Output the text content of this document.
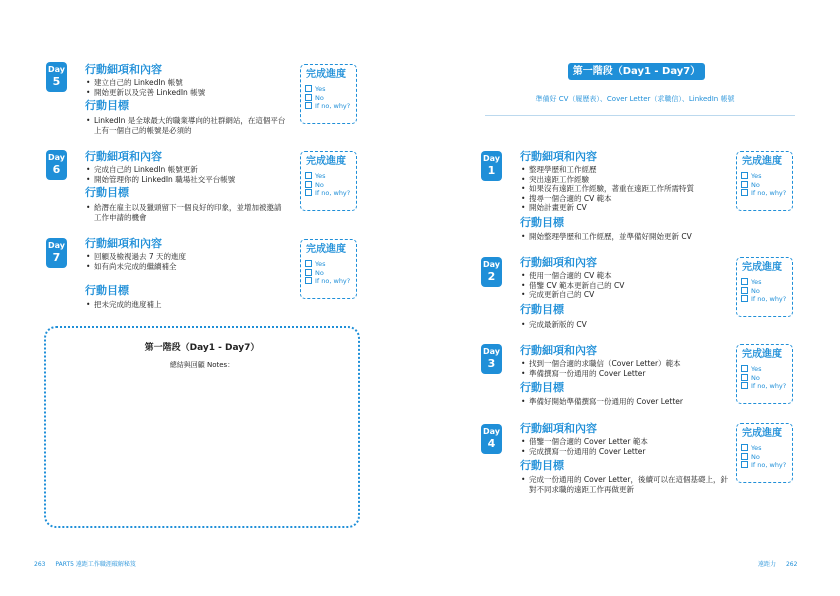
Day
5
行動細項和內容
• 建立自己的 LinkedIn 帳號
• 開始更新以及完善 LinkedIn 帳號
行動目標
• LinkedIn 是全球最大的職業導向的社群網站，在這個平台上有一個自己的帳號是必須的
完成進度
Yes
No
If no, why?
Day
6
行動細項和內容
• 完成自己的 LinkedIn 帳號更新
• 開始管理你的 LinkedIn 職場社交平台帳號
行動目標
• 給潛在雇主以及獵頭留下一個良好的印象，並增加被邀請工作申請的機會
完成進度
Yes
No
If no, why?
Day
7
行動細項和內容
• 回顧及檢視過去 7 天的進度
• 如有尚未完成的繼續補全
行動目標
• 把未完成的進度補上
完成進度
Yes
No
If no, why?
第一階段（Day1 - Day7）
總結與回顧 Notes：
263 PART5 遠距工作職涯破解秘笈
第一階段（Day1 - Day7）
準備好 CV（履歷表）、Cover Letter（求職信）、LinkedIn 帳號
Day
1
行動細項和內容
• 整理學歷和工作經歷
• 突出遠距工作經驗
• 如果沒有遠距工作經驗，著重在遠距工作所需特質
• 搜尋一個合適的 CV 範本
• 開始計畫更新 CV
行動目標
• 開始整理學歷和工作經歷，並準備好開始更新 CV
完成進度
Yes
No
If no, why?
Day
2
行動細項和內容
• 使用一個合適的 CV 範本
• 借鑒 CV 範本更新自己的 CV
• 完成更新自己的 CV
行動目標
• 完成最新版的 CV
完成進度
Yes
No
If no, why?
Day
3
行動細項和內容
• 找到一個合適的求職信（Cover Letter）範本
• 準備撰寫一份通用的 Cover Letter
行動目標
• 準備好開始準備撰寫一份通用的 Cover Letter
完成進度
Yes
No
If no, why?
Day
4
行動細項和內容
• 借鑒一個合適的 Cover Letter 範本
• 完成撰寫一份通用的 Cover Letter
行動目標
• 完成一份通用的 Cover Letter，後續可以在這個基礎上，針對不同求職的遠距工作再做更新
完成進度
Yes
No
If no, why?
遠距力 262
